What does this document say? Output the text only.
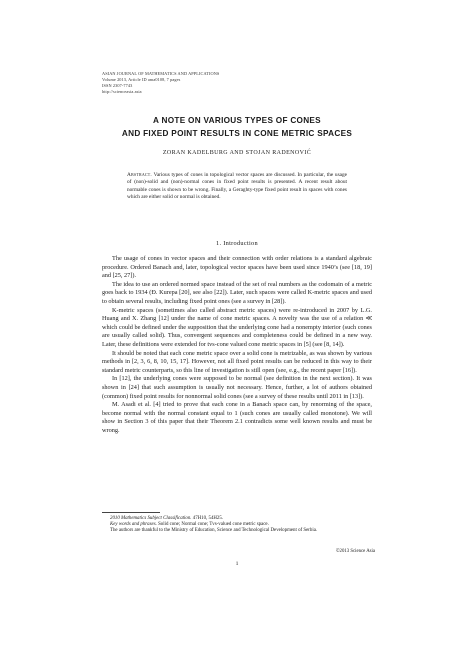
ASIAN JOURNAL OF MATHEMATICS AND APPLICATIONS
Volume 2013, Article ID ama0108, 7 pages
ISSN 2307-7743
http://scienceasia.asia
A NOTE ON VARIOUS TYPES OF CONES
AND FIXED POINT RESULTS IN CONE METRIC SPACES
ZORAN KADELBURG AND STOJAN RADENOVIĆ
Abstract. Various types of cones in topological vector spaces are discussed. In particular, the usage of (non)-solid and (non)-normal cones in fixed point results is presented. A recent result about normable cones is shown to be wrong. Finally, a Geraghty-type fixed point result in spaces with cones which are either solid or normal is obtained.
1. Introduction

The usage of cones in vector spaces and their connection with order relations is a standard algebraic procedure. Ordered Banach and, later, topological vector spaces have been used since 1940’s (see [18, 19] and [25, 27]).

The idea to use an ordered normed space instead of the set of real numbers as the codomain of a metric goes back to 1934 (Đ. Kurepa [20], see also [22]). Later, such spaces were called K-metric spaces and used to obtain several results, including fixed point ones (see a survey in [28]).

K-metric spaces (sometimes also called abstract metric spaces) were re-introduced in 2007 by L.G. Huang and X. Zhang [12] under the name of cone metric spaces. A novelty was the use of a relation ≪ which could be defined under the supposition that the underlying cone had a nonempty interior (such cones are usually called solid). Thus, convergent sequences and completeness could be defined in a new way. Later, these definitions were extended for tvs-cone valued cone metric spaces in [5] (see [8, 14]).

It should be noted that each cone metric space over a solid cone is metrizable, as was shown by various methods in [2, 3, 6, 8, 10, 15, 17]. However, not all fixed point results can be reduced in this way to their standard metric counterparts, so this line of investigation is still open (see, e.g., the recent paper [16]).

In [12], the underlying cones were supposed to be normal (see definition in the next section). It was shown in [24] that such assumption is usually not necessary. Hence, further, a lot of authors obtained (common) fixed point results for nonnormal solid cones (see a survey of these results until 2011 in [13]).

M. Asadi et al. [4] tried to prove that each cone in a Banach space can, by renorming of the space, become normal with the normal constant equal to 1 (such cones are usually called monotone). We will show in Section 3 of this paper that their Theorem 2.1 contradicts some well known results and must be wrong.

2010 Mathematics Subject Classification. 47H10, 54H25.
Key words and phrases. Solid cone; Normal cone; Tvs-valued cone metric space.
The authors are thankful to the Ministry of Education, Science and Technological Development of Serbia.
©2013 Science Asia
1
